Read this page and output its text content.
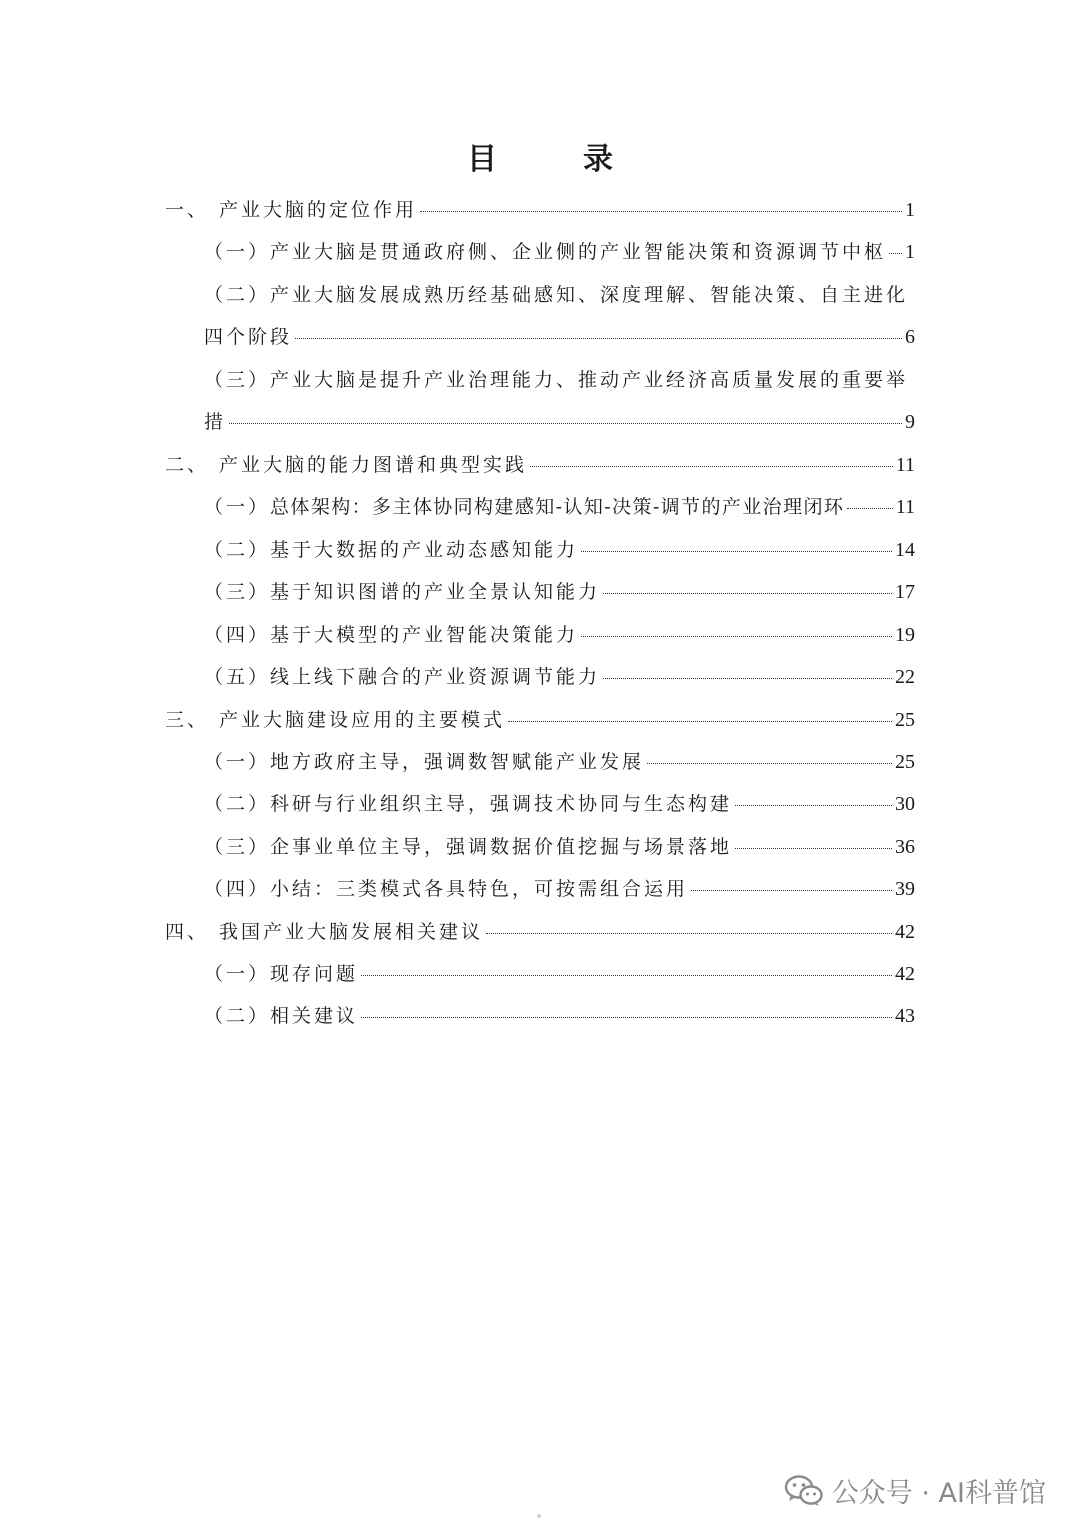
目　录
一、 产业大脑的定位作用	1
（一） 产业大脑是贯通政府侧、企业侧的产业智能决策和资源调节中枢 1
（二）产业大脑发展成熟历经基础感知、深度理解、智能决策、自主进化
四个阶段	6
（三）产业大脑是提升产业治理能力、推动产业经济高质量发展的重要举
措	9
二、 产业大脑的能力图谱和典型实践	11
（一） 总体架构：多主体协同构建感知-认知-决策-调节的产业治理闭环	11
（二） 基于大数据的产业动态感知能力	14
（三） 基于知识图谱的产业全景认知能力	17
（四） 基于大模型的产业智能决策能力	19
（五） 线上线下融合的产业资源调节能力	22
三、 产业大脑建设应用的主要模式	25
（一） 地方政府主导，强调数智赋能产业发展	25
（二） 科研与行业组织主导，强调技术协同与生态构建	30
（三） 企事业单位主导，强调数据价值挖掘与场景落地	36
（四） 小结：三类模式各具特色，可按需组合运用	39
四、 我国产业大脑发展相关建议	42
（一） 现存问题	42
（二） 相关建议	43
公众号 · AI科普馆
